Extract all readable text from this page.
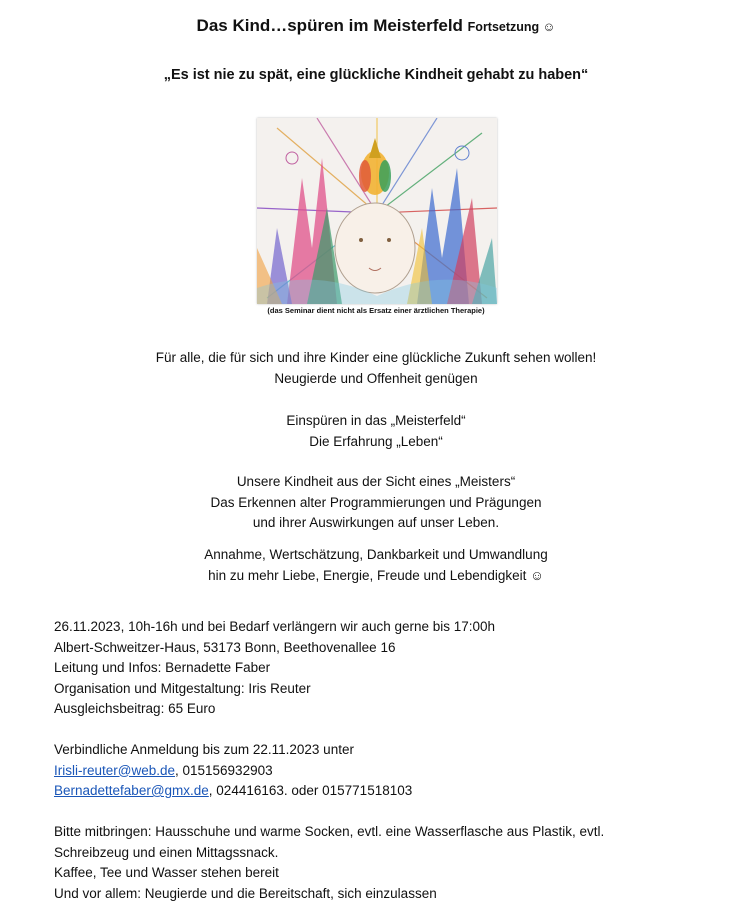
Das Kind…spüren im Meisterfeld Fortsetzung ☺
„Es ist nie zu spät, eine glückliche Kindheit gehabt zu haben“
(das Seminar dient nicht als Ersatz einer ärztlichen Therapie)
Für alle, die für sich und ihre Kinder eine glückliche Zukunft sehen wollen!
Neugierde und Offenheit genügen
Einspüren in das „Meisterfeld“
Die Erfahrung „Leben“
Unsere Kindheit aus der Sicht eines „Meisters“
Das Erkennen alter Programmierungen und Prägungen
und ihrer Auswirkungen auf unser Leben.
Annahme, Wertschätzung, Dankbarkeit und Umwandlung
hin zu mehr Liebe, Energie, Freude und Lebendigkeit ☺
26.11.2023, 10h-16h und bei Bedarf verlängern wir auch gerne bis 17:00h
Albert-Schweitzer-Haus, 53173 Bonn, Beethovenallee 16
Leitung und Infos: Bernadette Faber
Organisation und Mitgestaltung: Iris Reuter
Ausgleichsbeitrag: 65 Euro
Verbindliche Anmeldung bis zum 22.11.2023 unter
Irisli-reuter@web.de, 015156932903
Bernadettefaber@gmx.de, 024416163. oder 015771518103
Bitte mitbringen: Hausschuhe und warme Socken, evtl. eine Wasserflasche aus Plastik, evtl.
Schreibzeug und einen Mittagssnack.
Kaffee, Tee und Wasser stehen bereit
Und vor allem: Neugierde und die Bereitschaft, sich einzulassen
